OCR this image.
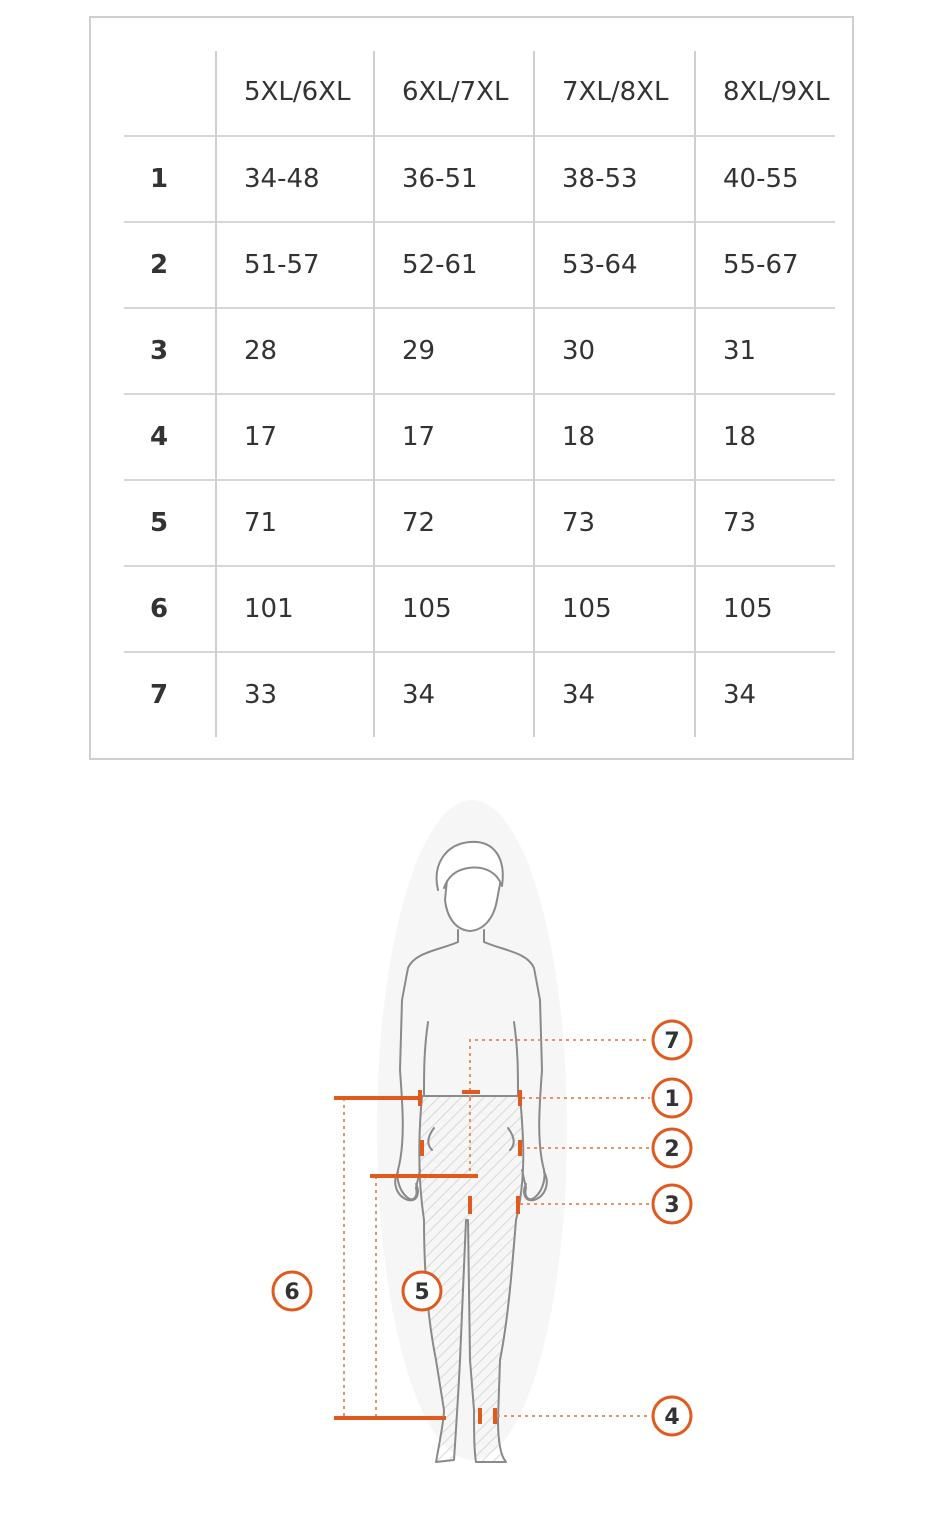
	5XL/6XL	6XL/7XL	7XL/8XL	8XL/9XL
1	34-48	36-51	38-53	40-55
2	51-57	52-61	53-64	55-67
3	28	29	30	31
4	17	17	18	18
5	71	72	73	73
6	101	105	105	105
7	33	34	34	34
7
1
2
3
6	5
4
